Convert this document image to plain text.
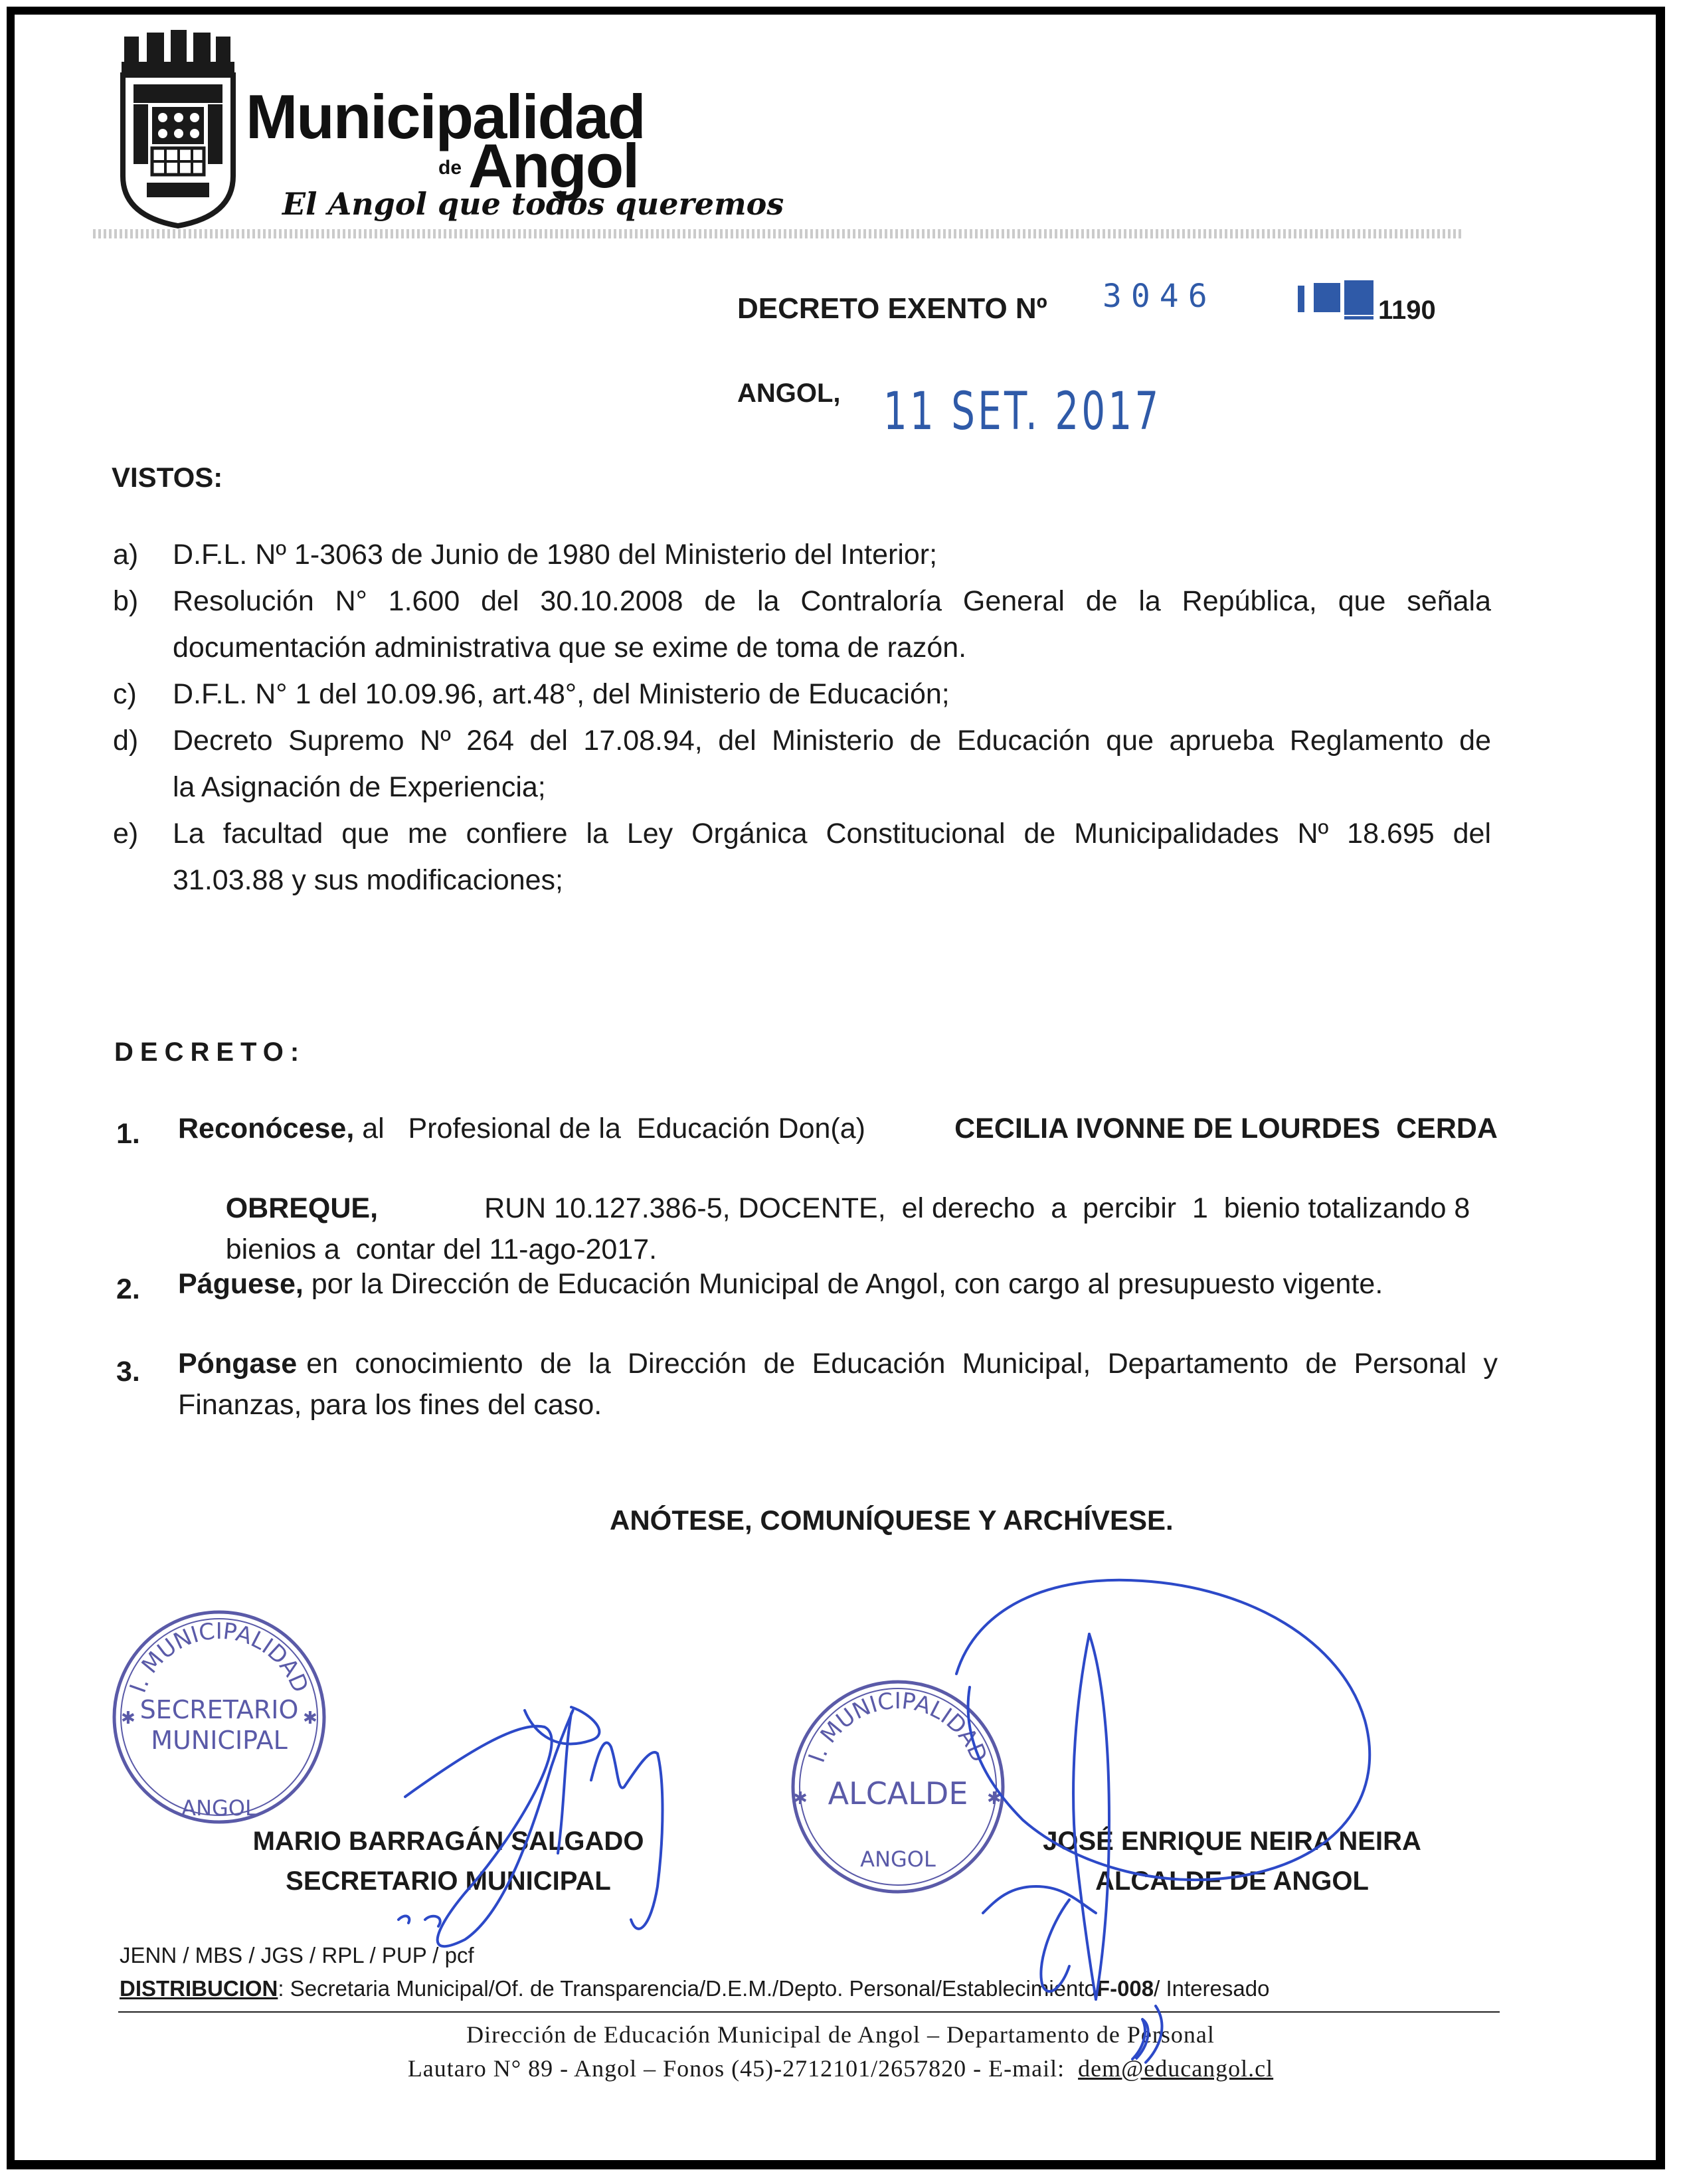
Municipalidad
de Angol
El Angol que todos queremos
DECRETO EXENTO Nº 3046	1190
ANGOL, 11 SET. 2017
VISTOS:
a) D.F.L. Nº 1-3063 de Junio de 1980 del Ministerio del Interior;
b) Resolución N° 1.600 del 30.10.2008 de la Contraloría General de la República, que señala
documentación administrativa que se exime de toma de razón.
c) D.F.L. N° 1 del 10.09.96, art.48°, del Ministerio de Educación;
d) Decreto Supremo Nº 264 del 17.08.94, del Ministerio de Educación que aprueba Reglamento de
la Asignación de Experiencia;
e) La facultad que me confiere la Ley Orgánica Constitucional de Municipalidades Nº 18.695 del
31.03.88 y sus modificaciones;
DECRETO:
1. Reconócese, al   Profesional de la  Educación Don(a)	CECILIA IVONNE DE LOURDES  CERDA

OBREQUE,	RUN 10.127.386-5, DOCENTE,  el derecho  a  percibir  1  bienio totalizando 8

bienios a  contar del 11-ago-2017.

2. Páguese, por la Dirección de Educación Municipal de Angol, con cargo al presupuesto vigente.
3. Póngase en conocimiento de la Dirección de Educación Municipal, Departamento de Personal y
Finanzas, para los fines del caso.
ANÓTESE, COMUNÍQUESE Y ARCHÍVESE.
I. MUNICIPALIDAD
SECRETARIO
MUNICIPAL
ANGOL
✱	✱
I. MUNICIPALIDAD
ALCALDE
ANGOL
✱	✱
MARIO BARRAGÁN SALGADO
SECRETARIO MUNICIPAL
JOSÉ ENRIQUE NEIRA NEIRA
ALCALDE DE ANGOL
JENN / MBS / JGS / RPL / PUP / pcf
DISTRIBUCION: Secretaria Municipal/Of. de Transparencia/D.E.M./Depto. Personal/EstablecimientoF-008/ Interesado
Dirección de Educación Municipal de Angol – Departamento de Personal
Lautaro N° 89 - Angol – Fonos (45)-2712101/2657820 - E-mail: dem@educangol.cl
